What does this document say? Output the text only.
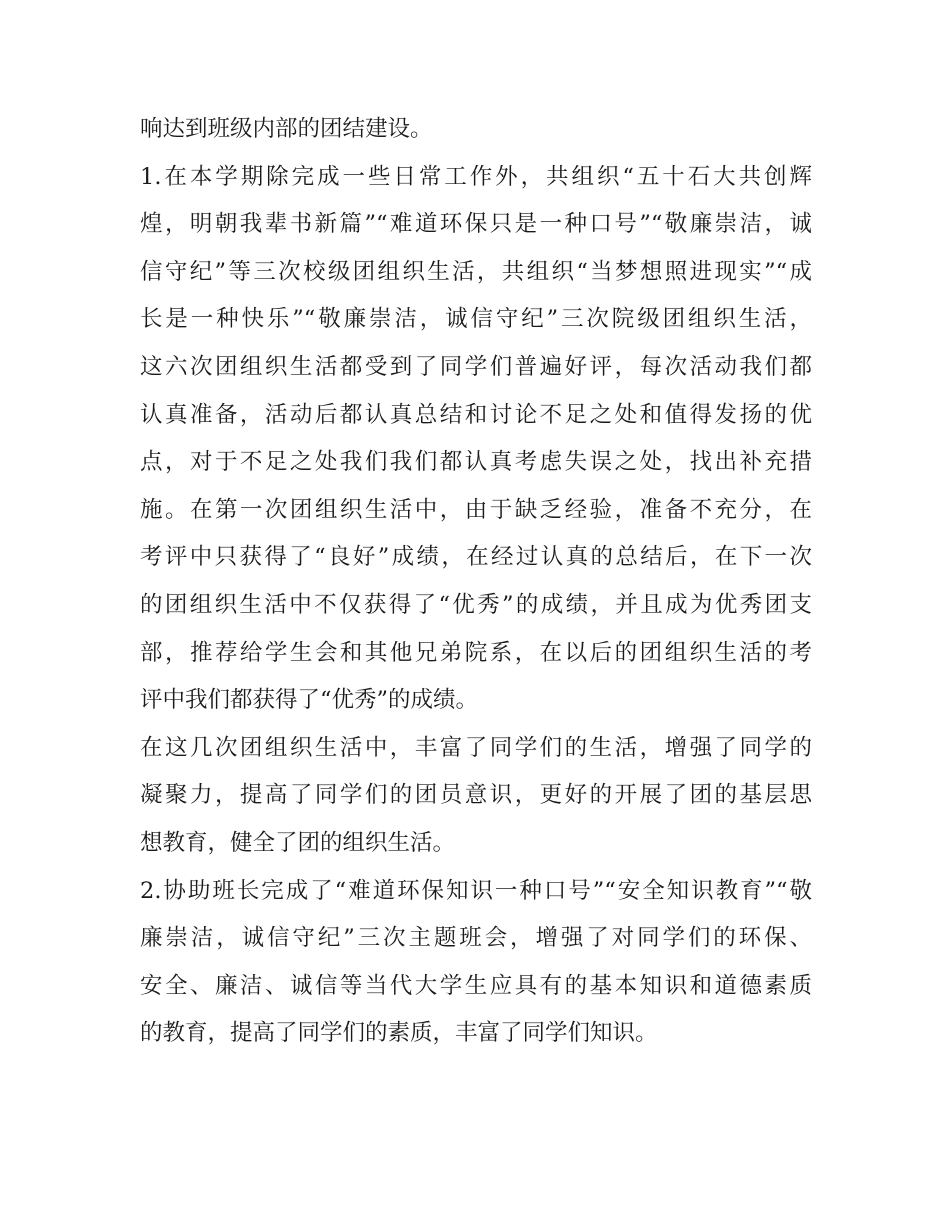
响达到班级内部的团结建设。
1.在本学期除完成一些日常工作外，共组织“五十石大共创辉
煌，明朝我辈书新篇”“难道环保只是一种口号”“敬廉崇洁，诚
信守纪”等三次校级团组织生活，共组织“当梦想照进现实”“成
长是一种快乐”“敬廉崇洁，诚信守纪”三次院级团组织生活，
这六次团组织生活都受到了同学们普遍好评，每次活动我们都
认真准备，活动后都认真总结和讨论不足之处和值得发扬的优
点，对于不足之处我们我们都认真考虑失误之处，找出补充措
施。在第一次团组织生活中，由于缺乏经验，准备不充分，在
考评中只获得了“良好”成绩，在经过认真的总结后，在下一次
的团组织生活中不仅获得了“优秀”的成绩，并且成为优秀团支
部，推荐给学生会和其他兄弟院系，在以后的团组织生活的考
评中我们都获得了“优秀”的成绩。
在这几次团组织生活中，丰富了同学们的生活，增强了同学的
凝聚力，提高了同学们的团员意识，更好的开展了团的基层思
想教育，健全了团的组织生活。
2.协助班长完成了“难道环保知识一种口号”“安全知识教育”“敬
廉崇洁，诚信守纪”三次主题班会，增强了对同学们的环保、
安全、廉洁、诚信等当代大学生应具有的基本知识和道德素质
的教育，提高了同学们的素质，丰富了同学们知识。
